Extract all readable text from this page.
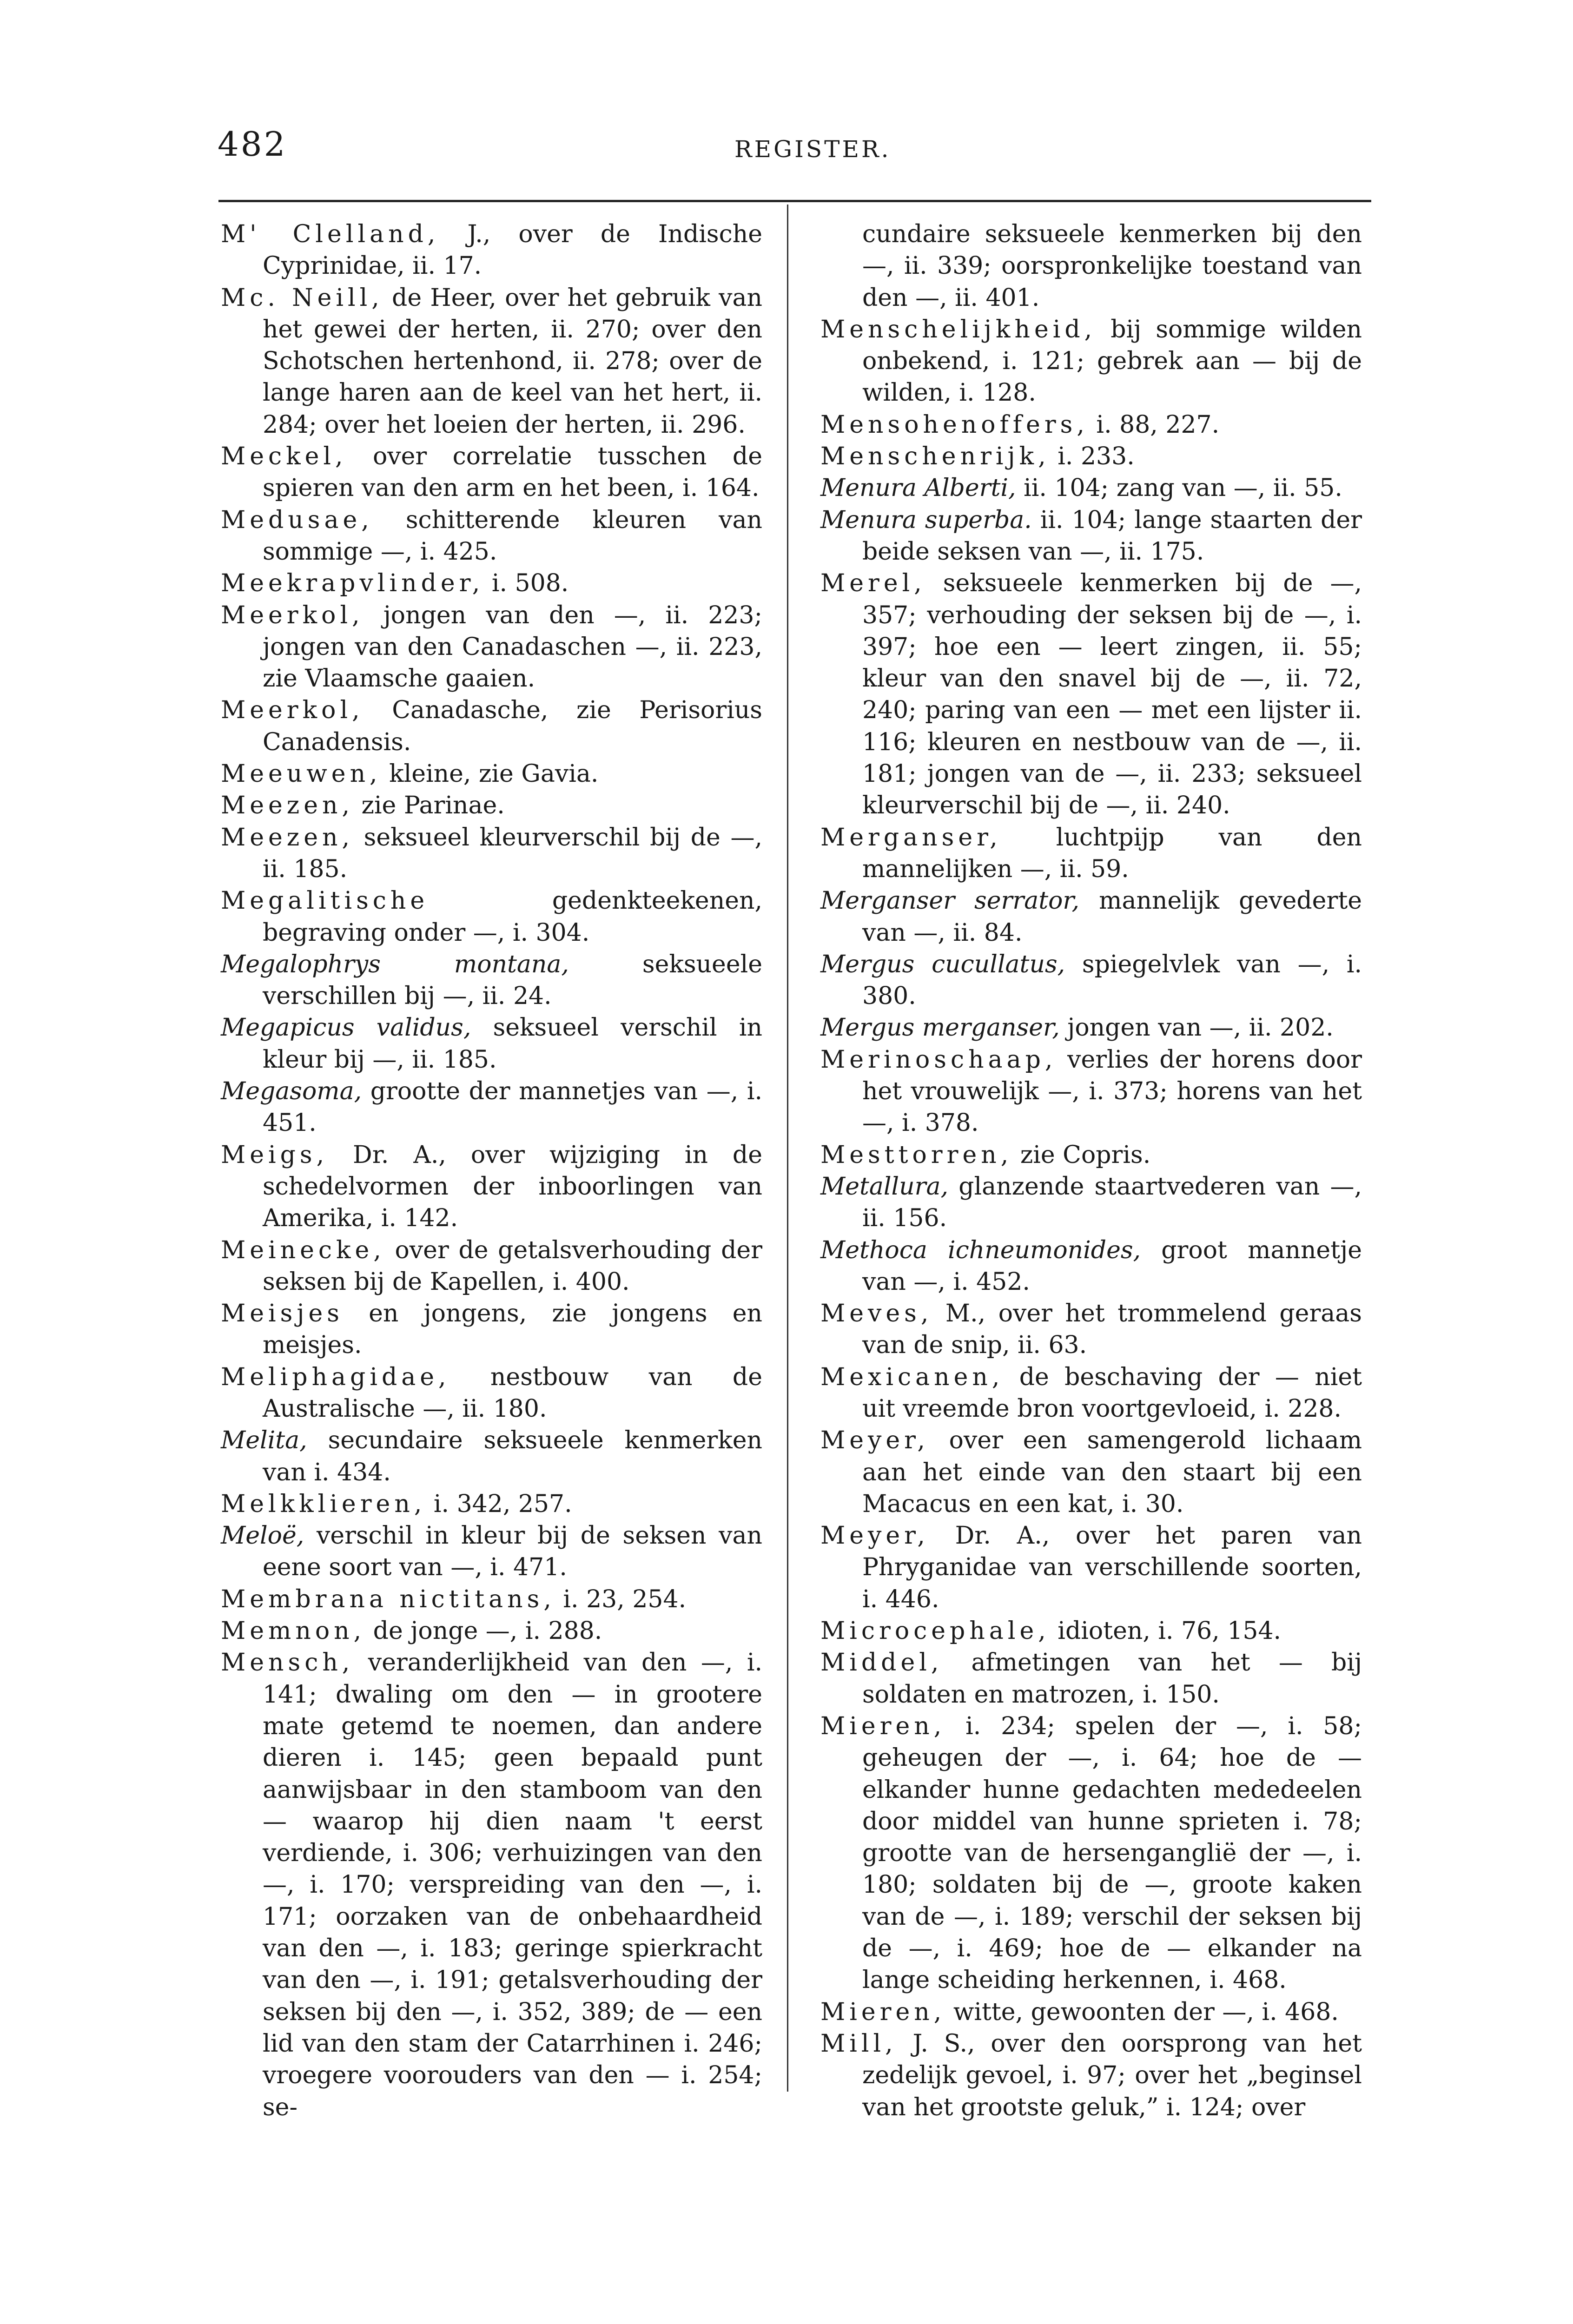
482	REGISTER.

M' Clelland, J., over de Indische Cyprinidae, ii. 17.

Mc. Neill, de Heer, over het gebruik van het gewei der herten, ii. 270; over den Schotschen hertenhond, ii. 278; over de lange haren aan de keel van het hert, ii. 284; over het loeien der herten, ii. 296.

Meckel, over correlatie tusschen de spieren van den arm en het been, i. 164.

Medusae, schitterende kleuren van sommige —, i. 425.

Meekrapvlinder, i. 508.

Meerkol, jongen van den —, ii. 223; jongen van den Canadaschen —, ii. 223, zie Vlaamsche gaaien.

Meerkol, Canadasche, zie Perisorius Canadensis.

Meeuwen, kleine, zie Gavia.

Meezen, zie Parinae.

Meezen, seksueel kleurverschil bij de —, ii. 185.

Megalitische gedenkteekenen, begraving onder —, i. 304.

Megalophrys montana, seksueele verschillen bij —, ii. 24.

Megapicus validus, seksueel verschil in kleur bij —, ii. 185.

Megasoma, grootte der mannetjes van —, i. 451.

Meigs, Dr. A., over wijziging in de schedelvormen der inboorlingen van Amerika, i. 142.

Meinecke, over de getalsverhouding der seksen bij de Kapellen, i. 400.

Meisjes en jongens, zie jongens en meisjes.

Meliphagidae, nestbouw van de Australische —, ii. 180.

Melita, secundaire seksueele kenmerken van i. 434.

Melkklieren, i. 342, 257.

Meloë, verschil in kleur bij de seksen van eene soort van —, i. 471.

Membrana nictitans, i. 23, 254.

Memnon, de jonge —, i. 288.

Mensch, veranderlijkheid van den —, i. 141; dwaling om den — in grootere mate getemd te noemen, dan andere dieren i. 145; geen bepaald punt aanwijsbaar in den stamboom van den — waarop hij dien naam 't eerst verdiende, i. 306; verhuizingen van den —, i. 170; verspreiding van den —, i. 171; oorzaken van de onbehaardheid van den —, i. 183; geringe spierkracht van den —, i. 191; getalsverhouding der seksen bij den —, i. 352, 389; de — een lid van den stam der Catarrhinen i. 246; vroegere voorouders van den — i. 254; se-

cundaire seksueele kenmerken bij den —, ii. 339; oorspronkelijke toestand van den —, ii. 401.

Menschelijkheid, bij sommige wilden onbekend, i. 121; gebrek aan — bij de wilden, i. 128.

Mensohenoffers, i. 88, 227.

Menschenrijk, i. 233.

Menura Alberti, ii. 104; zang van —, ii. 55.

Menura superba. ii. 104; lange staarten der beide seksen van —, ii. 175.

Merel, seksueele kenmerken bij de —, 357; verhouding der seksen bij de —, i. 397; hoe een — leert zingen, ii. 55; kleur van den snavel bij de —, ii. 72, 240; paring van een — met een lijster ii. 116; kleuren en nestbouw van de —, ii. 181; jongen van de —, ii. 233; seksueel kleurverschil bij de —, ii. 240.

Merganser, luchtpijp van den mannelijken —, ii. 59.

Merganser serrator, mannelijk gevederte van —, ii. 84.

Mergus cucullatus, spiegelvlek van —, i. 380.

Mergus merganser, jongen van —, ii. 202.

Merinoschaap, verlies der horens door het vrouwelijk —, i. 373; horens van het —, i. 378.

Mesttorren, zie Copris.

Metallura, glanzende staartvederen van —, ii. 156.

Methoca ichneumonides, groot mannetje van —, i. 452.

Meves, M., over het trommelend geraas van de snip, ii. 63.

Mexicanen, de beschaving der — niet uit vreemde bron voortgevloeid, i. 228.

Meyer, over een samengerold lichaam aan het einde van den staart bij een Macacus en een kat, i. 30.

Meyer, Dr. A., over het paren van Phryganidae van verschillende soorten, i. 446.

Microcephale, idioten, i. 76, 154.

Middel, afmetingen van het — bij soldaten en matrozen, i. 150.

Mieren, i. 234; spelen der —, i. 58; geheugen der —, i. 64; hoe de — elkander hunne gedachten mededeelen door middel van hunne sprieten i. 78; grootte van de hersenganglië der —, i. 180; soldaten bij de —, groote kaken van de —, i. 189; verschil der seksen bij de —, i. 469; hoe de — elkander na lange scheiding herkennen, i. 468.

Mieren, witte, gewoonten der —, i. 468.

Mill, J. S., over den oorsprong van het zedelijk gevoel, i. 97; over het „beginsel van het grootste geluk,” i. 124; over
